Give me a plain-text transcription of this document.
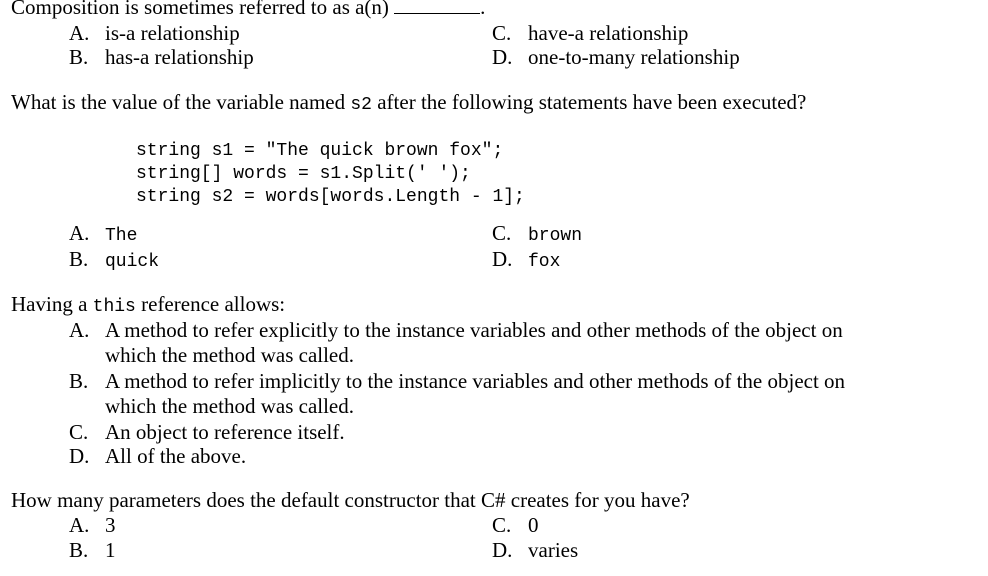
Composition is sometimes referred to as a(n)	.
A. is-a relationship
B. has-a relationship
C. have-a relationship
D. one-to-many relationship
What is the value of the variable named s2 after the following statements have been executed?
string s1 = "The quick brown fox";
string[] words = s1.Split(' ');
string s2 = words[words.Length - 1];
A. The
B. quick
C. brown
D. fox
Having a this reference allows:
A. A method to refer explicitly to the instance variables and other methods of the object on
which the method was called.
B. A method to refer implicitly to the instance variables and other methods of the object on
which the method was called.
C. An object to reference itself.
D. All of the above.
How many parameters does the default constructor that C# creates for you have?
A. 3
B. 1
C. 0
D. varies
